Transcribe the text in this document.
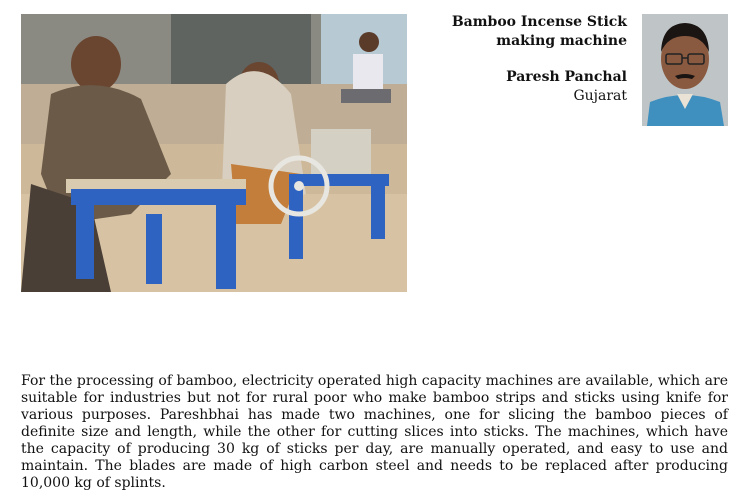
Bamboo Incense Stick making machine
Paresh Panchal
Gujarat

For the processing of bamboo, electricity operated high capacity machines are available, which are suitable for industries but not for rural poor who make bamboo strips and sticks using knife for various purposes. Pareshbhai has made two machines, one for slicing the bamboo pieces of definite size and length, while the other for cutting slices into sticks. The machines, which have the capacity of producing 30 kg of sticks per day, are manually operated, and easy to use and maintain. The blades are made of high carbon steel and needs to be replaced after producing 10,000 kg of splints.
